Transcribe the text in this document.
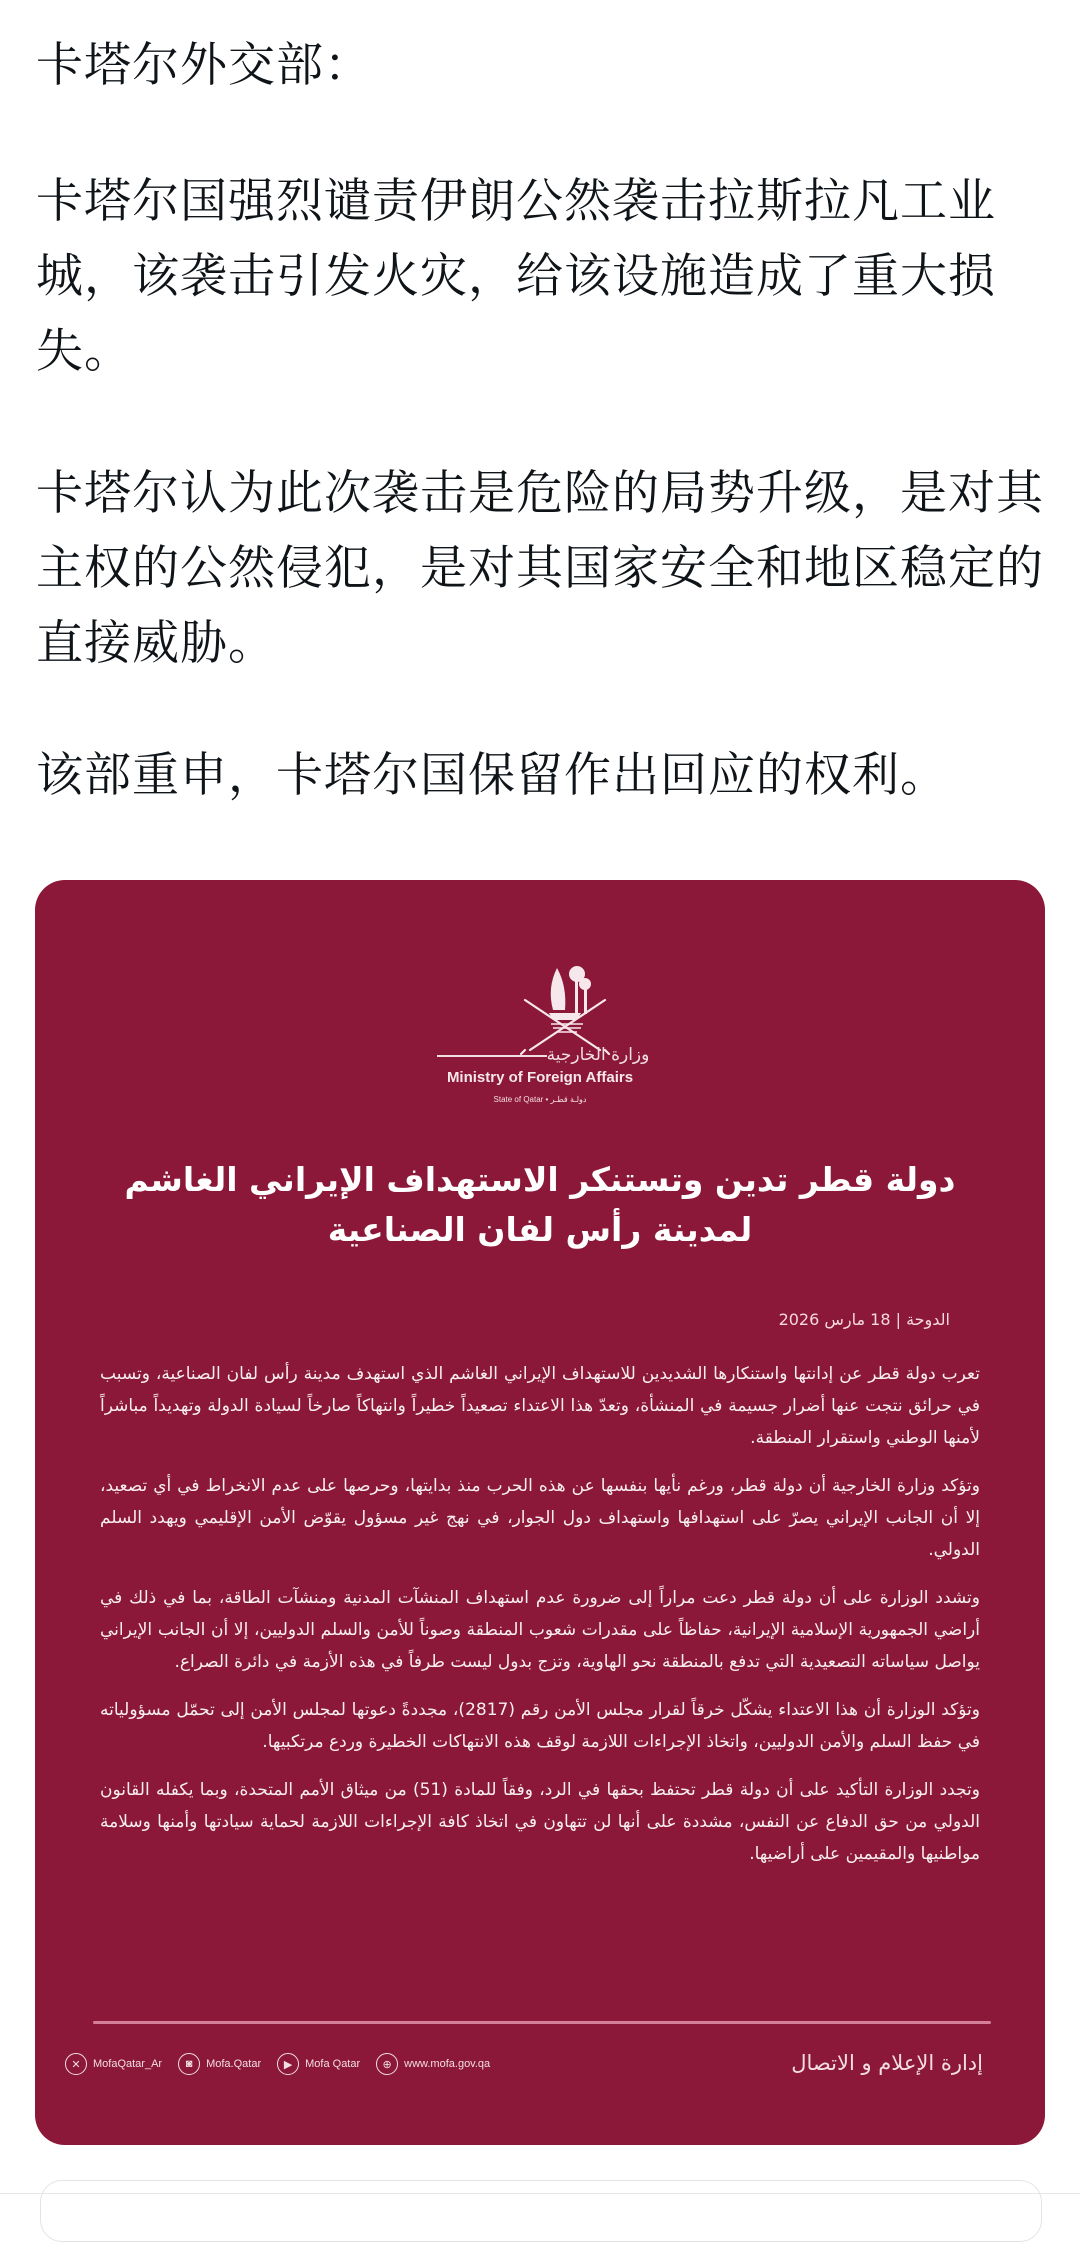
卡塔尔外交部：
卡塔尔国强烈谴责伊朗公然袭击拉斯拉凡工业城，该袭击引发火灾，给该设施造成了重大损失。
卡塔尔认为此次袭击是危险的局势升级，是对其主权的公然侵犯，是对其国家安全和地区稳定的直接威胁。
该部重申，卡塔尔国保留作出回应的权利。
وزارة الخارجية
Ministry of Foreign Affairs
State of Qatar • دولـة قطـر
دولة قطر تدين وتستنكر الاستهداف الإيراني الغاشم لمدينة رأس لفان الصناعية
الدوحة | 18 مارس 2026

تعرب دولة قطر عن إدانتها واستنكارها الشديدين للاستهداف الإيراني الغاشم الذي استهدف مدينة رأس لفان الصناعية، وتسبب في حرائق نتجت عنها أضرار جسيمة في المنشأة، وتعدّ هذا الاعتداء تصعيداً خطيراً وانتهاكاً صارخاً لسيادة الدولة وتهديداً مباشراً لأمنها الوطني واستقرار المنطقة.

وتؤكد وزارة الخارجية أن دولة قطر، ورغم نأيها بنفسها عن هذه الحرب منذ بدايتها، وحرصها على عدم الانخراط في أي تصعيد، إلا أن الجانب الإيراني يصرّ على استهدافها واستهداف دول الجوار، في نهج غير مسؤول يقوّض الأمن الإقليمي ويهدد السلم الدولي.

وتشدد الوزارة على أن دولة قطر دعت مراراً إلى ضرورة عدم استهداف المنشآت المدنية ومنشآت الطاقة، بما في ذلك في أراضي الجمهورية الإسلامية الإيرانية، حفاظاً على مقدرات شعوب المنطقة وصوناً للأمن والسلم الدوليين، إلا أن الجانب الإيراني يواصل سياساته التصعيدية التي تدفع بالمنطقة نحو الهاوية، وتزج بدول ليست طرفاً في هذه الأزمة في دائرة الصراع.

وتؤكد الوزارة أن هذا الاعتداء يشكّل خرقاً لقرار مجلس الأمن رقم (2817)، مجددةً دعوتها لمجلس الأمن إلى تحمّل مسؤولياته في حفظ السلم والأمن الدوليين، واتخاذ الإجراءات اللازمة لوقف هذه الانتهاكات الخطيرة وردع مرتكبيها.

وتجدد الوزارة التأكيد على أن دولة قطر تحتفظ بحقها في الرد، وفقاً للمادة (51) من ميثاق الأمم المتحدة، وبما يكفله القانون الدولي من حق الدفاع عن النفس، مشددة على أنها لن تتهاون في اتخاذ كافة الإجراءات اللازمة لحماية سيادتها وأمنها وسلامة مواطنيها والمقيمين على أراضيها.

✕	MofaQatar_Ar	◙	Mofa.Qatar	▶	Mofa Qatar	⊕	www.mofa.gov.qa	إدارة الإعلام و الاتصال
